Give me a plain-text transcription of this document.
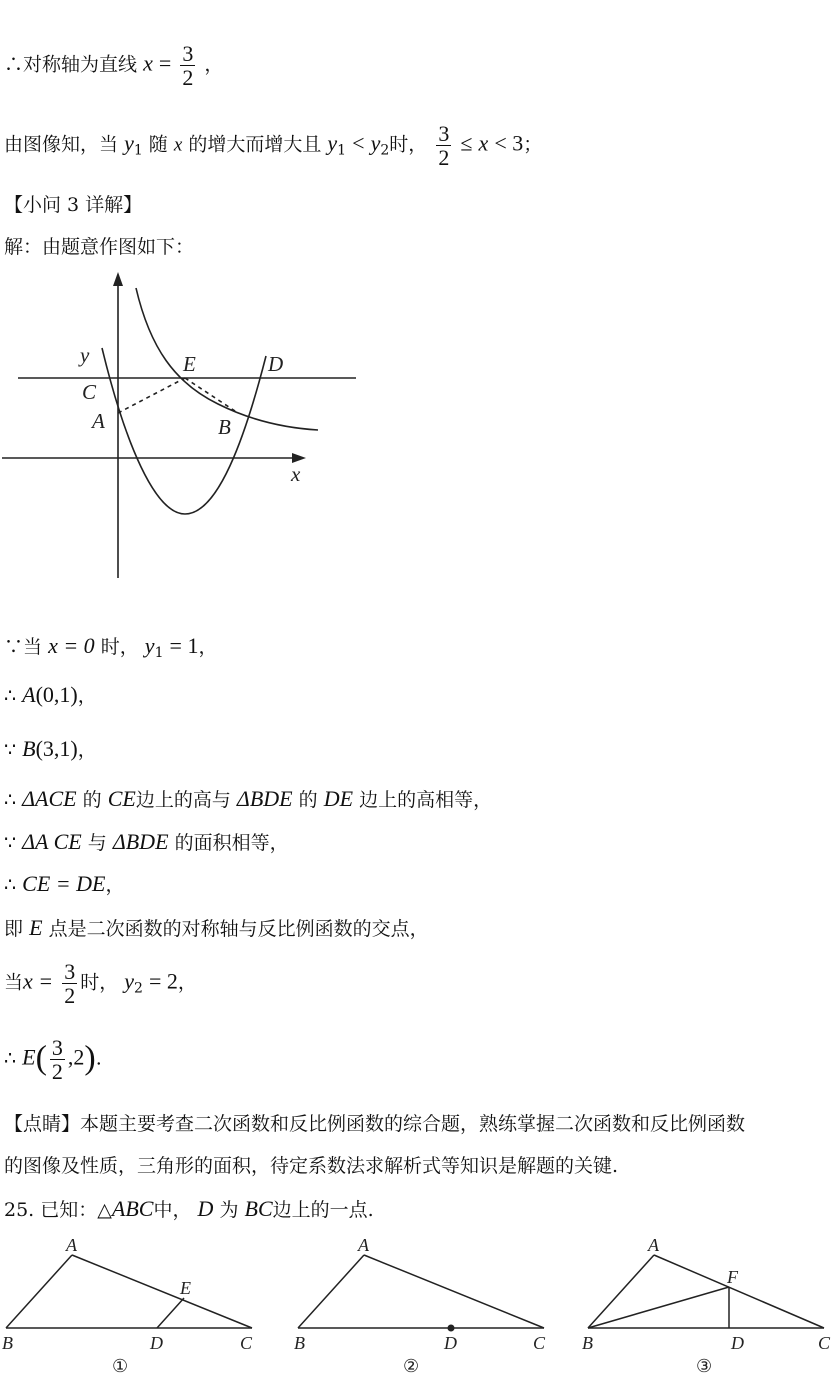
∴对称轴为直线 $x = \frac{3}{2}$ ，
由图像知，当 $y_1$ 随 x 的增大而增大且 $y_1 < y_2$时， $\frac{3}{2} \le x < 3$；
【小问 3 详解】
解：由题意作图如下：
y
x
C
A
E	D
B
∵当 x = 0 时， $y_1 = 1$，
∴ A(0,1)，
∵ B(3,1)，
∴ ΔACE 的 CE边上的高与 ΔBDE 的 DE 边上的高相等，
∵ ΔA CE 与 ΔBDE 的面积相等，
∴ CE = DE，
即 E 点是二次函数的对称轴与反比例函数的交点，
当$x = \frac{3}{2}$ 时， $y_2 = 2$，
∴ $E( \frac{3}{2} ,2)$.
【点睛】本题主要考查二次函数和反比例函数的综合题，熟练掌握二次函数和反比例函数
的图像及性质，三角形的面积，待定系数法求解析式等知识是解题的关键.
25. 已知：△ABC中， D 为 BC边上的一点.
A
E
B	D	C
①
A
B	D	C
②
A
F
B	D	C
③
